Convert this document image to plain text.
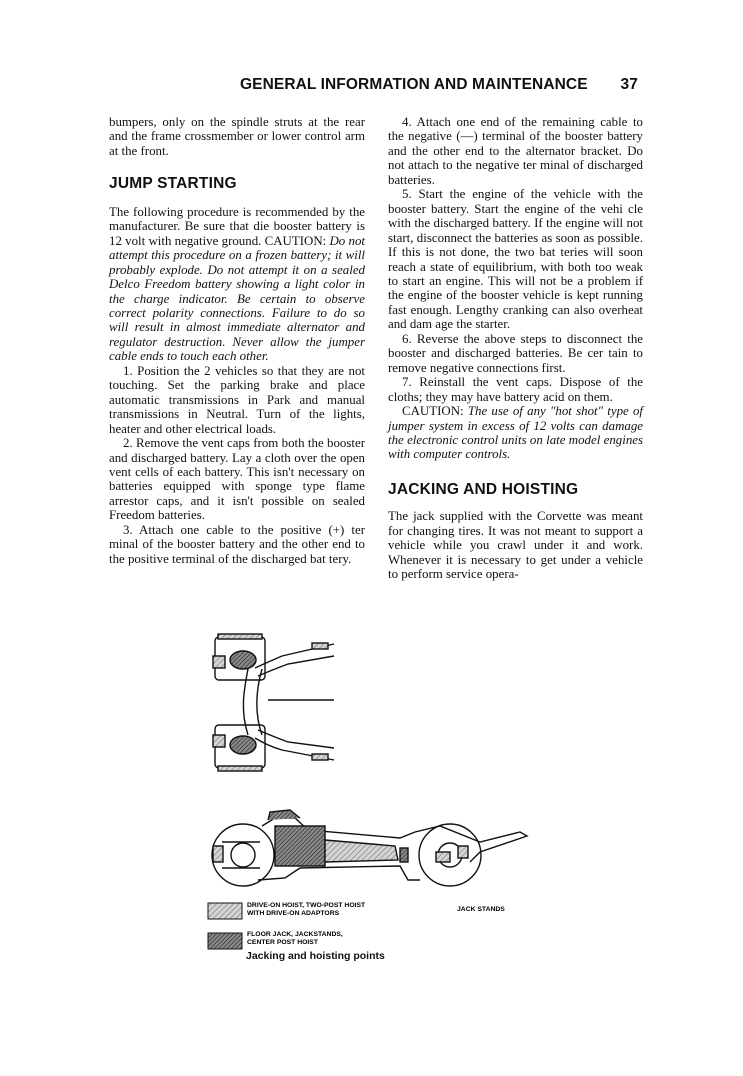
GENERAL INFORMATION AND MAINTENANCE 37

bumpers, only on the spindle struts at the rear and the frame crossmember or lower control arm at the front.

JUMP STARTING

The following procedure is recommended by the manufacturer. Be sure that die booster battery is 12 volt with negative ground. CAUTION: Do not attempt this procedure on a frozen battery; it will probably explode. Do not attempt it on a sealed Delco Freedom battery showing a light color in the charge indicator. Be certain to observe correct polarity connections. Failure to do so will result in almost immediate alternator and regulator destruction. Never allow the jumper cable ends to touch each other.

1. Position the 2 vehicles so that they are not touching. Set the parking brake and place automatic transmissions in Park and manual transmissions in Neutral. Turn of the lights, heater and other electrical loads.

2. Remove the vent caps from both the booster and discharged battery. Lay a cloth over the open vent cells of each battery. This isn't necessary on batteries equipped with sponge type flame arrestor caps, and it isn't possible on sealed Freedom batteries.

3. Attach one cable to the positive (+) ter minal of the booster battery and the other end to the positive terminal of the discharged bat tery.

4. Attach one end of the remaining cable to the negative (—) terminal of the booster battery and the other end to the alternator bracket. Do not attach to the negative ter minal of discharged batteries.

5. Start the engine of the vehicle with the booster battery. Start the engine of the vehi cle with the discharged battery. If the engine will not start, disconnect the batteries as soon as possible. If this is not done, the two bat teries will soon reach a state of equilibrium, with both too weak to start an engine. This will not be a problem if the engine of the booster vehicle is kept running fast enough. Lengthy cranking can also overheat and dam age the starter.

6. Reverse the above steps to disconnect the booster and discharged batteries. Be cer tain to remove negative connections first.

7. Reinstall the vent caps. Dispose of the cloths; they may have battery acid on them.

CAUTION: The use of any "hot shot" type of jumper system in excess of 12 volts can damage the electronic control units on late model engines with computer controls.

JACKING AND HOISTING

The jack supplied with the Corvette was meant for changing tires. It was not meant to support a vehicle while you crawl under it and work. Whenever it is necessary to get under a vehicle to perform service opera-

DRIVE-ON HOIST, TWO-POST HOIST
WITH DRIVE-ON ADAPTORS
FLOOR JACK, JACKSTANDS,
CENTER POST HOIST
JACK STANDS
Jacking and hoisting points
